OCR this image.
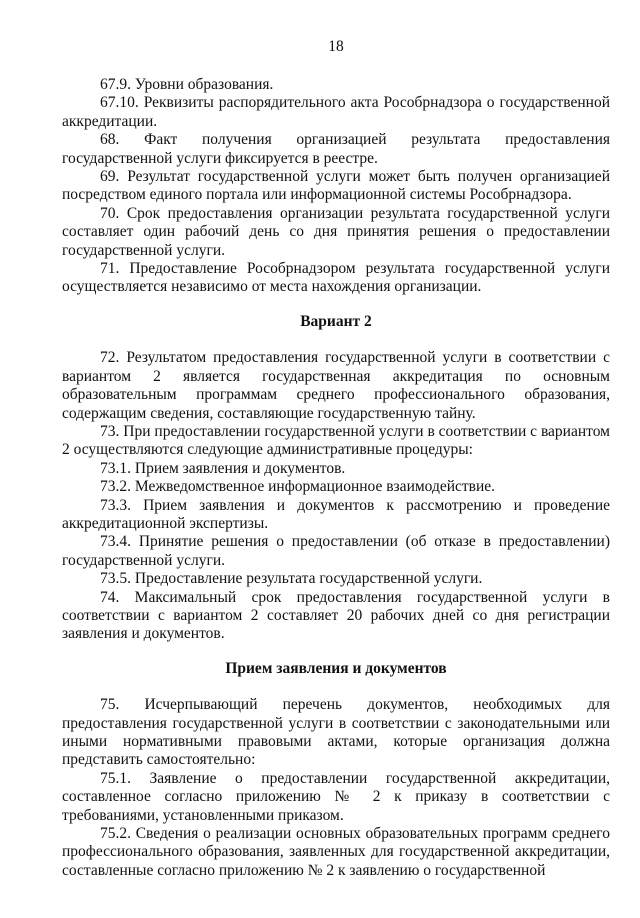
18

67.9. Уровни образования.

67.10. Реквизиты распорядительного акта Рособрнадзора о государственной аккредитации.

68. Факт получения организацией результата предоставления государственной услуги фиксируется в реестре.

69. Результат государственной услуги может быть получен организацией посредством единого портала или информационной системы Рособрнадзора.

70. Срок предоставления организации результата государственной услуги составляет один рабочий день со дня принятия решения о предоставлении государственной услуги.

71. Предоставление Рособрнадзором результата государственной услуги осуществляется независимо от места нахождения организации.

Вариант 2

72. Результатом предоставления государственной услуги в соответствии с вариантом 2 является государственная аккредитация по основным образовательным программам среднего профессионального образования, содержащим сведения, составляющие государственную тайну.

73. При предоставлении государственной услуги в соответствии с вариантом 2 осуществляются следующие административные процедуры:

73.1. Прием заявления и документов.

73.2. Межведомственное информационное взаимодействие.

73.3. Прием заявления и документов к рассмотрению и проведение аккредитационной экспертизы.

73.4. Принятие решения о предоставлении (об отказе в предоставлении) государственной услуги.

73.5. Предоставление результата государственной услуги.

74. Максимальный срок предоставления государственной услуги в соответствии с вариантом 2 составляет 20 рабочих дней со дня регистрации заявления и документов.

Прием заявления и документов

75. Исчерпывающий перечень документов, необходимых для предоставления государственной услуги в соответствии с законодательными или иными нормативными правовыми актами, которые организация должна представить самостоятельно:

75.1. Заявление о предоставлении государственной аккредитации, составленное согласно приложению № 2 к приказу в соответствии с требованиями, установленными приказом.

75.2. Сведения о реализации основных образовательных программ среднего профессионального образования, заявленных для государственной аккредитации, составленные согласно приложению № 2 к заявлению о государственной
